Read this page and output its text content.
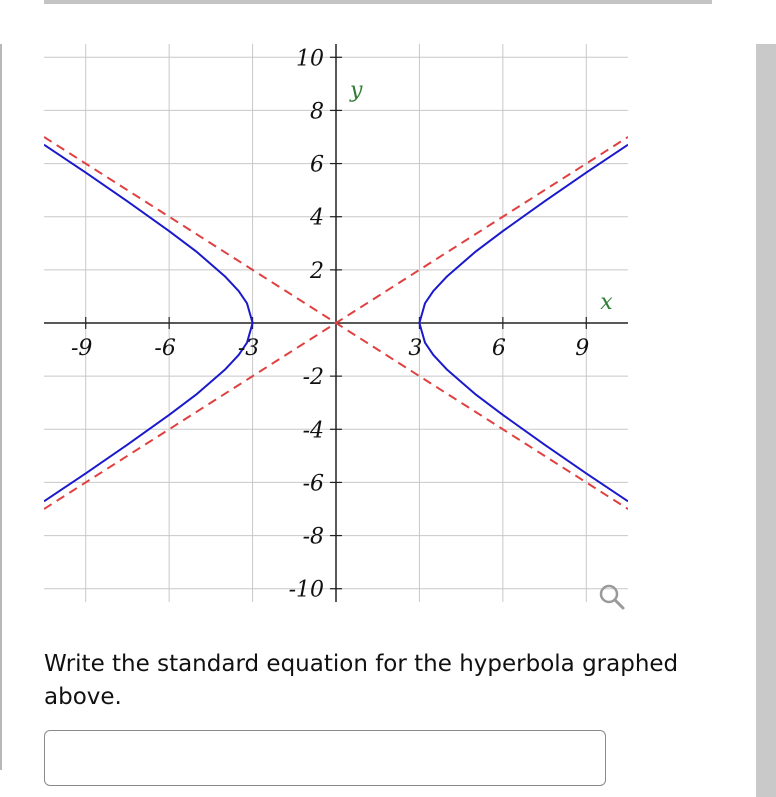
-9	-6	-3	3	6	9
10
8
6
4
2
-2
-4
-6
-8
-10
x
y
Write the standard equation for the hyperbola graphed above.
